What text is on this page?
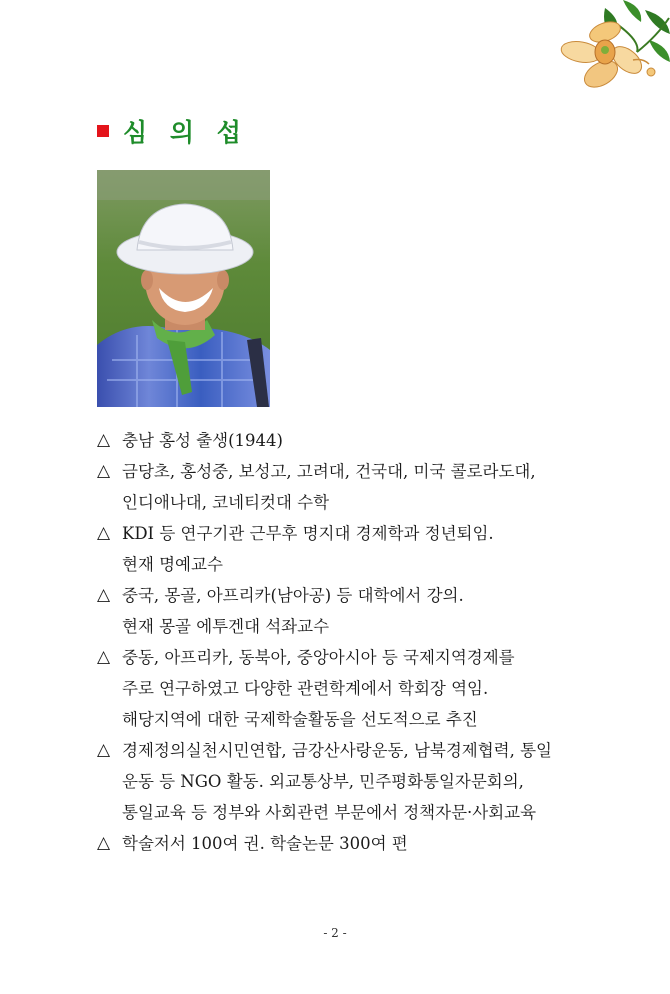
심 의 섭
△ 충남 홍성 출생(1944)
△ 금당초, 홍성중, 보성고, 고려대, 건국대, 미국 콜로라도대,
인디애나대, 코네티컷대 수학
△ KDI 등 연구기관 근무후 명지대 경제학과 정년퇴임.
현재 명예교수
△ 중국, 몽골, 아프리카(남아공) 등 대학에서 강의.
현재 몽골 에투겐대 석좌교수
△ 중동, 아프리카, 동북아, 중앙아시아 등 국제지역경제를
주로 연구하였고 다양한 관련학계에서 학회장 역임.
해당지역에 대한 국제학술활동을 선도적으로 추진
△ 경제정의실천시민연합, 금강산사랑운동, 남북경제협력, 통일
운동 등 NGO 활동. 외교통상부, 민주평화통일자문회의,
통일교육 등 정부와 사회관련 부문에서 정책자문·사회교육
△ 학술저서 100여 권. 학술논문 300여 편
- 2 -
